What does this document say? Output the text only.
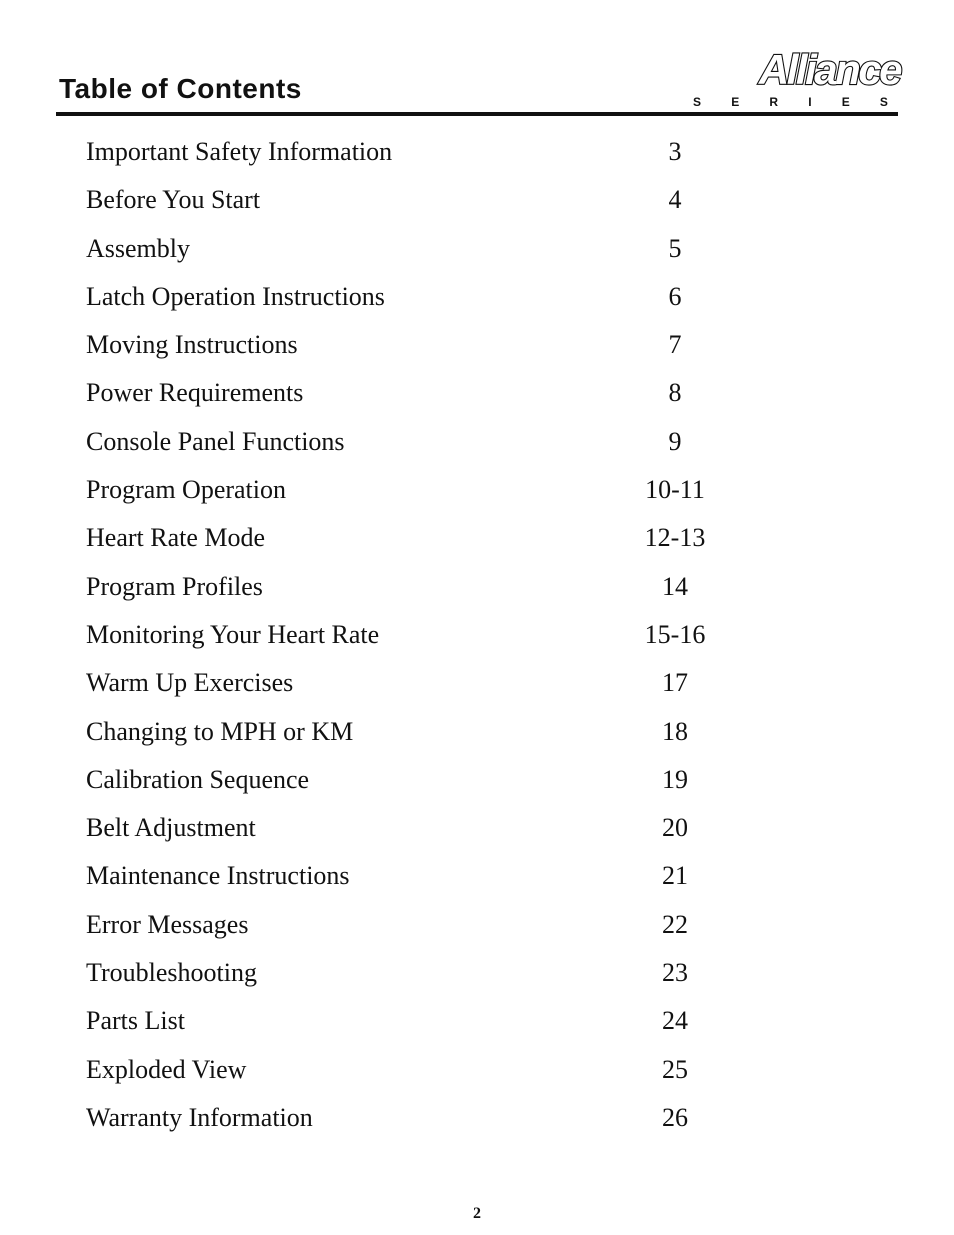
Table of Contents	Alliance
S	E	R	I	E	S
Important Safety Information	3
Before You Start	4
Assembly	5
Latch Operation Instructions	6
Moving Instructions	7
Power Requirements	8
Console Panel Functions	9
Program Operation	10-11
Heart Rate Mode	12-13
Program Profiles	14
Monitoring Your Heart Rate	15-16
Warm Up Exercises	17
Changing to MPH or KM	18
Calibration Sequence	19
Belt Adjustment	20
Maintenance Instructions	21
Error Messages	22
Troubleshooting	23
Parts List	24
Exploded View	25
Warranty Information	26
2
